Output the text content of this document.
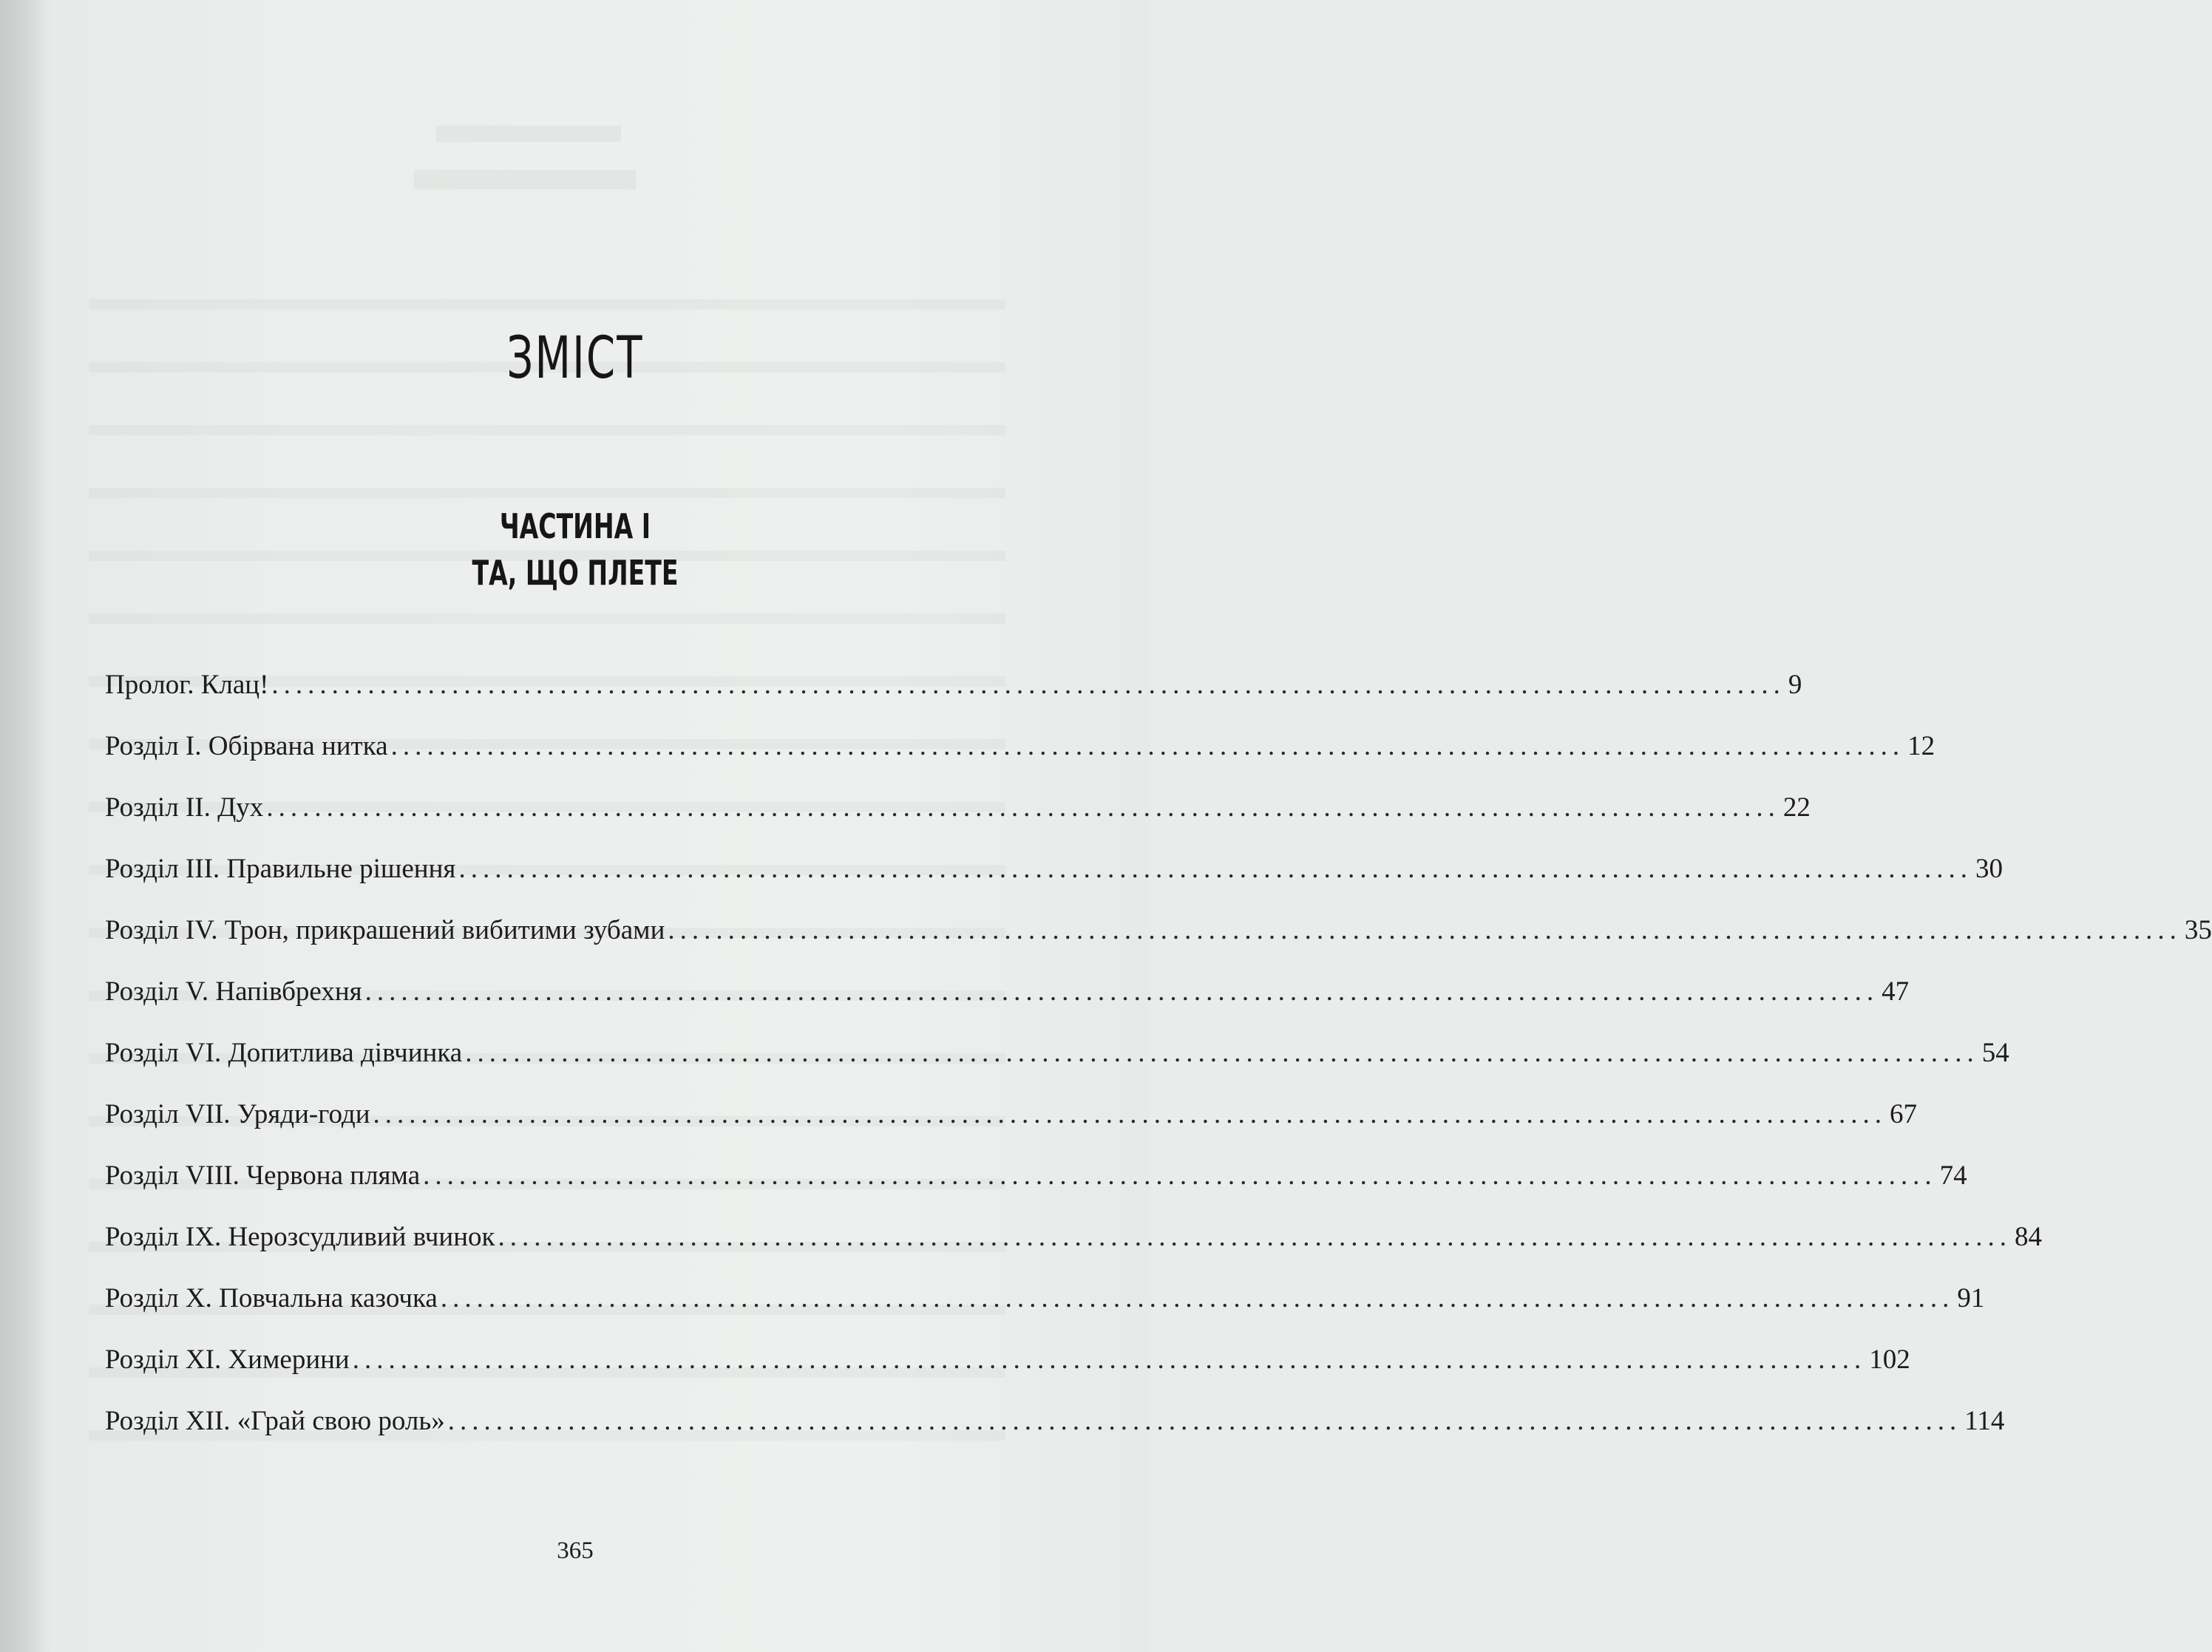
ЗМІСТ
ЧАСТИНА І
ТА, ЩО ПЛЕТЕ
Пролог. Клац! .............................................................................................................................. 9
Розділ І. Обірвана нитка .............................................................................................................................. 12
Розділ ІІ. Дух .............................................................................................................................. 22
Розділ ІІІ. Правильне рішення .............................................................................................................................. 30
Розділ IV. Трон, прикрашений вибитими зубами .............................................................................................................................. 35
Розділ V. Напівбрехня .............................................................................................................................. 47
Розділ VI. Допитлива дівчинка .............................................................................................................................. 54
Розділ VII. Уряди-годи .............................................................................................................................. 67
Розділ VIII. Червона пляма .............................................................................................................................. 74
Розділ IX. Нерозсудливий вчинок .............................................................................................................................. 84
Розділ X. Повчальна казочка .............................................................................................................................. 91
Розділ XI. Химерини .............................................................................................................................. 102
Розділ XII. «Грай свою роль» .............................................................................................................................. 114
365
